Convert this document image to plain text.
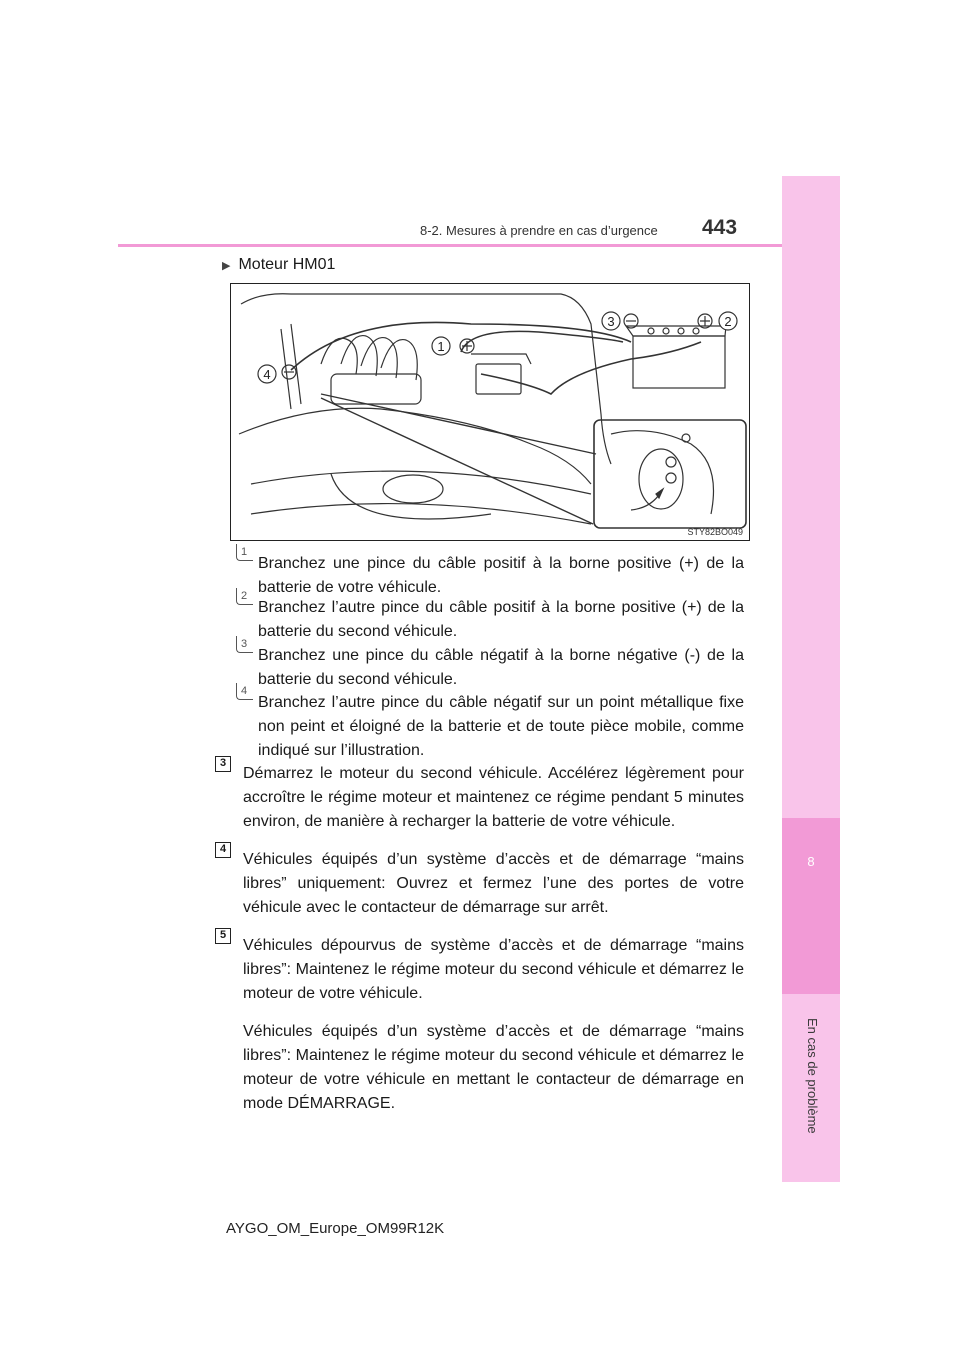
8
En cas de problème
8-2. Mesures à prendre en cas d’urgence 443
▶ Moteur HM01
1
2
3
4
STY82BO049
1
Branchez une pince du câble positif à la borne positive (+) de la batterie de votre véhicule.
2
Branchez l’autre pince du câble positif à la borne positive (+) de la batterie du second véhicule.
3
Branchez une pince du câble négatif à la borne négative (-) de la batterie du second véhicule.
4
Branchez l’autre pince du câble négatif sur un point métallique fixe non peint et éloigné de la batterie et de toute pièce mobile, comme indiqué sur l’illustration.
3

Démarrez le moteur du second véhicule. Accélérez légèrement pour accroître le régime moteur et maintenez ce régime pendant 5 minutes environ, de manière à recharger la batterie de votre véhicule.

4

Véhicules équipés d’un système d’accès et de démarrage “mains libres” uniquement: Ouvrez et fermez l’une des portes de votre véhicule avec le contacteur de démarrage sur arrêt.

5

Véhicules dépourvus de système d’accès et de démarrage “mains libres”: Maintenez le régime moteur du second véhicule et démarrez le moteur de votre véhicule.

Véhicules équipés d’un système d’accès et de démarrage “mains libres”: Maintenez le régime moteur du second véhicule et démarrez le moteur de votre véhicule en mettant le contacteur de démarrage en mode DÉMARRAGE.

AYGO_OM_Europe_OM99R12K
